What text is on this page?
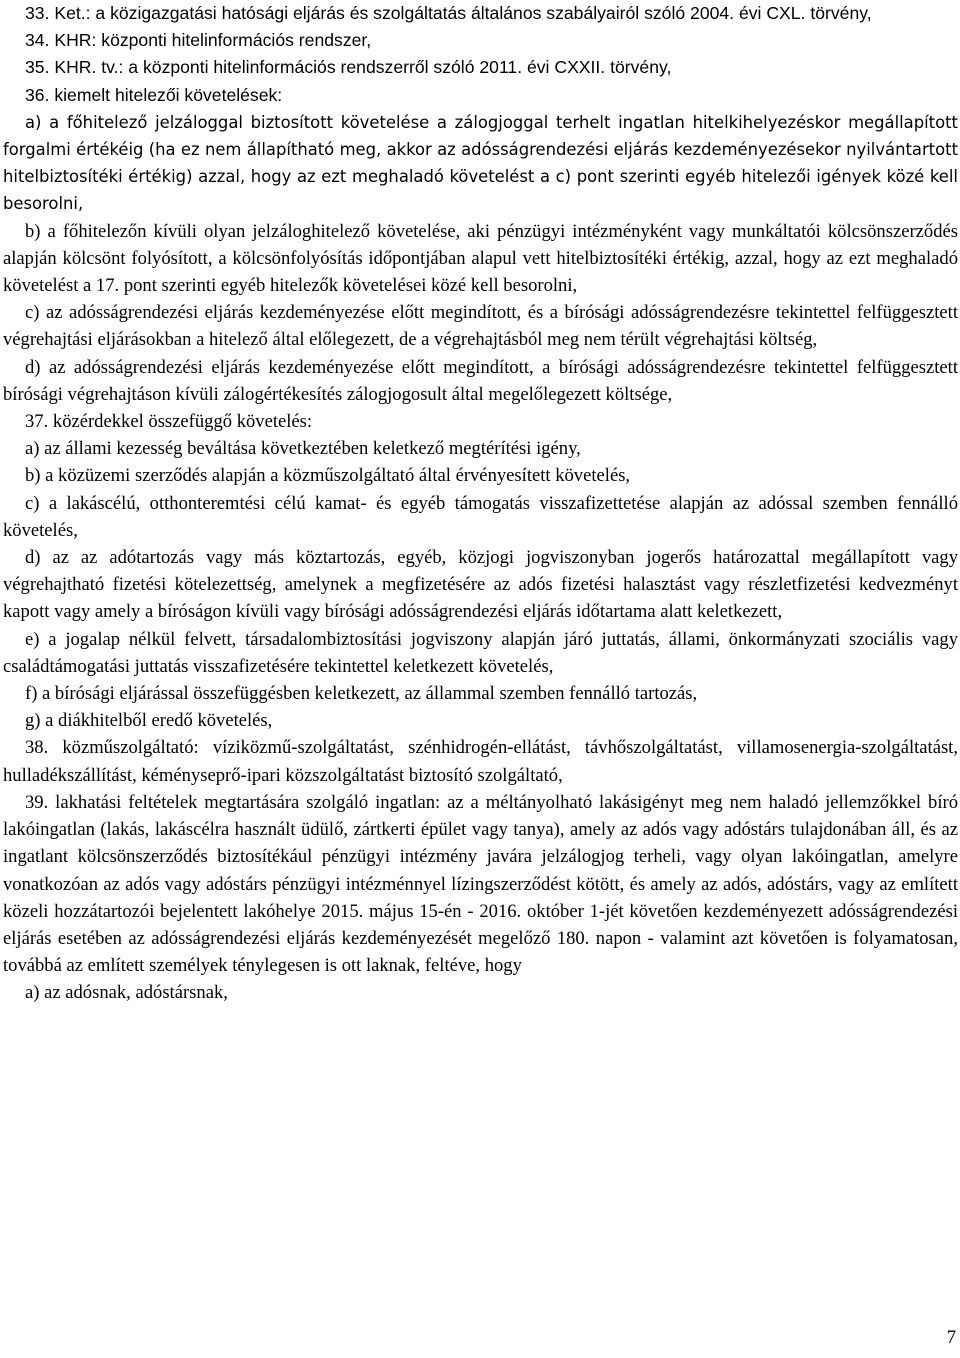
33. Ket.: a közigazgatási hatósági eljárás és szolgáltatás általános szabályairól szóló 2004. évi CXL. törvény,

34. KHR: központi hitelinformációs rendszer,

35. KHR. tv.: a központi hitelinformációs rendszerről szóló 2011. évi CXXII. törvény,

36. kiemelt hitelezői követelések:

a) a főhitelező jelzáloggal biztosított követelése a zálogjoggal terhelt ingatlan hitelkihelyezéskor megállapított forgalmi értékéig (ha ez nem állapítható meg, akkor az adósságrendezési eljárás kezdeményezésekor nyilvántartott hitelbiztosítéki értékig) azzal, hogy az ezt meghaladó követelést a c) pont szerinti egyéb hitelezői igények közé kell besorolni,

b) a főhitelezőn kívüli olyan jelzáloghitelező követelése, aki pénzügyi intézményként vagy munkáltatói kölcsönszerződés alapján kölcsönt folyósított, a kölcsönfolyósítás időpontjában alapul vett hitelbiztosítéki értékig, azzal, hogy az ezt meghaladó követelést a 17. pont szerinti egyéb hitelezők követelései közé kell besorolni,

c) az adósságrendezési eljárás kezdeményezése előtt megindított, és a bírósági adósságrendezésre tekintettel felfüggesztett végrehajtási eljárásokban a hitelező által előlegezett, de a végrehajtásból meg nem térült végrehajtási költség,

d) az adósságrendezési eljárás kezdeményezése előtt megindított, a bírósági adósságrendezésre tekintettel felfüggesztett bírósági végrehajtáson kívüli zálogértékesítés zálogjogosult által megelőlegezett költsége,

37. közérdekkel összefüggő követelés:

a) az állami kezesség beváltása következtében keletkező megtérítési igény,

b) a közüzemi szerződés alapján a közműszolgáltató által érvényesített követelés,

c) a lakáscélú, otthonteremtési célú kamat- és egyéb támogatás visszafizettetése alapján az adóssal szemben fennálló követelés,

d) az az adótartozás vagy más köztartozás, egyéb, közjogi jogviszonyban jogerős határozattal megállapított vagy végrehajtható fizetési kötelezettség, amelynek a megfizetésére az adós fizetési halasztást vagy részletfizetési kedvezményt kapott vagy amely a bíróságon kívüli vagy bírósági adósságrendezési eljárás időtartama alatt keletkezett,

e) a jogalap nélkül felvett, társadalombiztosítási jogviszony alapján járó juttatás, állami, önkormányzati szociális vagy családtámogatási juttatás visszafizetésére tekintettel keletkezett követelés,

f) a bírósági eljárással összefüggésben keletkezett, az állammal szemben fennálló tartozás,

g) a diákhitelből eredő követelés,

38. közműszolgáltató: víziközmű-szolgáltatást, szénhidrogén-ellátást, távhőszolgáltatást, villamosenergia-szolgáltatást, hulladékszállítást, kéményseprő-ipari közszolgáltatást biztosító szolgáltató,

39. lakhatási feltételek megtartására szolgáló ingatlan: az a méltányolható lakásigényt meg nem haladó jellemzőkkel bíró lakóingatlan (lakás, lakáscélra használt üdülő, zártkerti épület vagy tanya), amely az adós vagy adóstárs tulajdonában áll, és az ingatlant kölcsönszerződés biztosítékául pénzügyi intézmény javára jelzálogjog terheli, vagy olyan lakóingatlan, amelyre vonatkozóan az adós vagy adóstárs pénzügyi intézménnyel lízingszerződést kötött, és amely az adós, adóstárs, vagy az említett közeli hozzátartozói bejelentett lakóhelye 2015. május 15-én - 2016. október 1-jét követően kezdeményezett adósságrendezési eljárás esetében az adósságrendezési eljárás kezdeményezését megelőző 180. napon - valamint azt követően is folyamatosan, továbbá az említett személyek ténylegesen is ott laknak, feltéve, hogy

a) az adósnak, adóstársnak,

7
